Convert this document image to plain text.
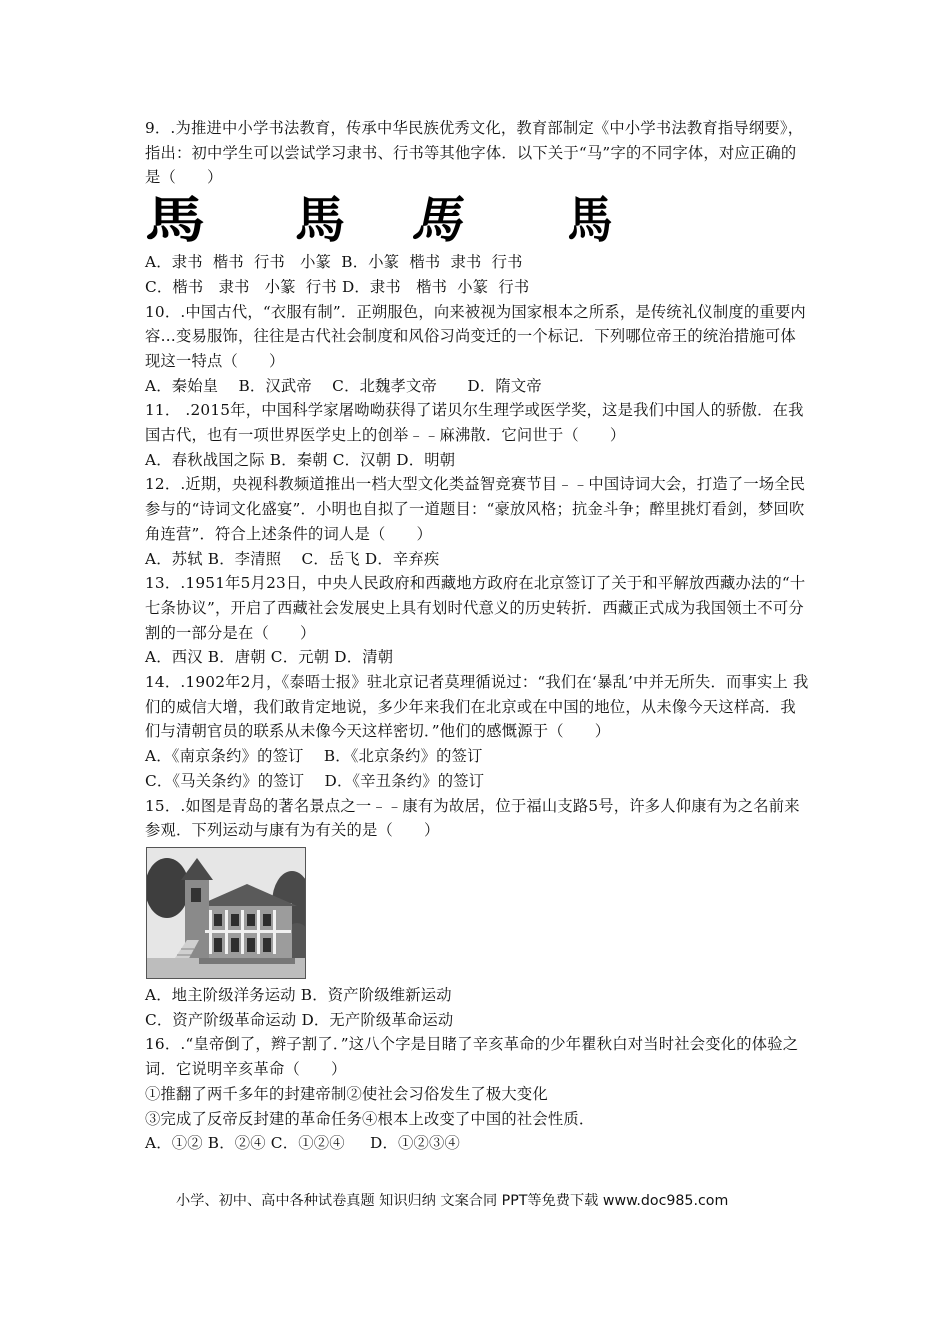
9．.为推进中小学书法教育，传承中华民族优秀文化，教育部制定《中小学书法教育指导纲要》，指出：初中学生可以尝试学习隶书、行书等其他字体．以下关于“马”字的不同字体，对应正确的是（　　）

馬 馬 馬 馬

A．隶书  楷书  行书   小篆  B．小篆  楷书  隶书  行书

C．楷书   隶书   小篆  行书 D．隶书   楷书  小篆  行书

10．.中国古代，“衣服有制”．正朔服色，向来被视为国家根本之所系，是传统礼仪制度的重要内容…变易服饰，往往是古代社会制度和风俗习尚变迁的一个标记．下列哪位帝王的统治措施可体现这一特点（　　）

A．秦始皇    B．汉武帝    C．北魏孝文帝      D．隋文帝

11． .2015年，中国科学家屠呦呦获得了诺贝尔生理学或医学奖，这是我们中国人的骄傲．在我国古代，也有一项世界医学史上的创举﹣﹣麻沸散．它问世于（　　）

A．春秋战国之际 B．秦朝 C．汉朝 D．明朝

12．.近期，央视科教频道推出一档大型文化类益智竞赛节目﹣﹣中国诗词大会，打造了一场全民参与的“诗词文化盛宴”．小明也自拟了一道题目：“豪放风格；抗金斗争；醉里挑灯看剑，梦回吹角连营”．符合上述条件的词人是（　　）

A．苏轼 B．李清照    C．岳飞 D．辛弃疾

13．.1951年5月23日，中央人民政府和西藏地方政府在北京签订了关于和平解放西藏办法的“十七条协议”，开启了西藏社会发展史上具有划时代意义的历史转折．西藏正式成为我国领土不可分割的一部分是在（　　）

A．西汉 B．唐朝 C．元朝 D．清朝

14．.1902年2月，《泰晤士报》驻北京记者莫理循说过：“我们在‘暴乱’中并无所失．而事实上 我们的威信大增，我们敢肯定地说，多少年来我们在北京或在中国的地位，从未像今天这样高．我们与清朝官员的联系从未像今天这样密切．”他们的感慨源于（　　）

A．《南京条约》的签订    B．《北京条约》的签订

C．《马关条约》的签订    D．《辛丑条约》的签订

15．.如图是青岛的著名景点之一﹣﹣康有为故居，位于福山支路5号，许多人仰康有为之名前来参观．下列运动与康有为有关的是（　　）

A．地主阶级洋务运动 B．资产阶级维新运动

C．资产阶级革命运动 D．无产阶级革命运动

16．.“皇帝倒了，辫子割了．”这八个字是目睹了辛亥革命的少年瞿秋白对当时社会变化的体验之 词．它说明辛亥革命（　　）

①推翻了两千多年的封建帝制②使社会习俗发生了极大变化

③完成了反帝反封建的革命任务④根本上改变了中国的社会性质．

A．①② B．②④ C．①②④     D．①②③④

小学、初中、高中各种试卷真题 知识归纳 文案合同 PPT等免费下载 www.doc985.com
